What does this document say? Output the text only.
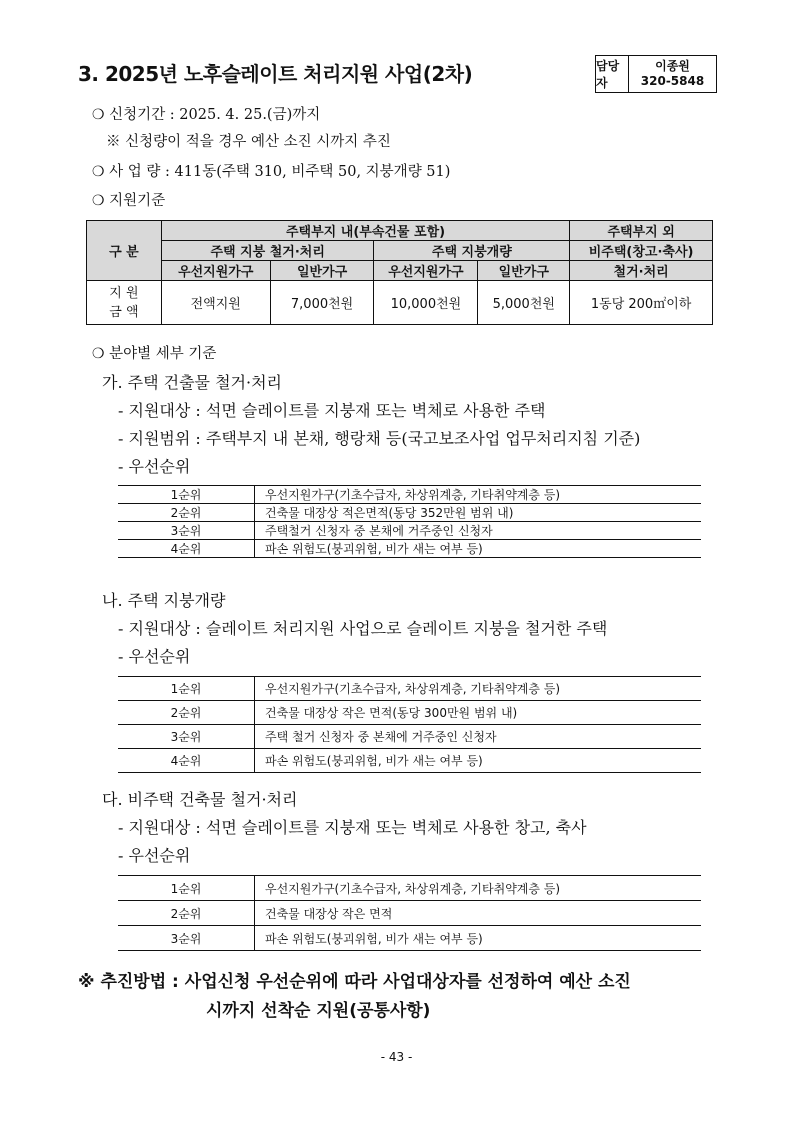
3. 2025년 노후슬레이트 처리지원 사업(2차)	담당자
이종원
320-5848
❍ 신청기간 : 2025. 4. 25.(금)까지
※ 신청량이 적을 경우 예산 소진 시까지 추진
❍ 사 업 량 : 411동(주택 310, 비주택 50, 지붕개량 51)
❍ 지원기준
구 분	주택부지 내(부속건물 포함)				주택부지 외
	주택 지붕 철거·처리		주택 지붕개량		비주택(창고·축사)
	우선지원가구	일반가구	우선지원가구	일반가구	철거·처리
지 원
금 액	전액지원	7,000천원	10,000천원	5,000천원	1동당 200㎡이하
❍ 분야별 세부 기준
가. 주택 건출물 철거·처리
- 지원대상 : 석면 슬레이트를 지붕재 또는 벽체로 사용한 주택
- 지원범위 : 주택부지 내 본채, 행랑채 등(국고보조사업 업무처리지침 기준)
- 우선순위
1순위	우선지원가구(기초수급자, 차상위계층, 기타취약계층 등)
2순위	건축물 대장상 적은면적(동당 352만원 범위 내)
3순위	주택철거 신청자 중 본채에 거주중인 신청자
4순위	파손 위험도(붕괴위험, 비가 새는 여부 등)
나. 주택 지붕개량
- 지원대상 : 슬레이트 처리지원 사업으로 슬레이트 지붕을 철거한 주택
- 우선순위
1순위	우선지원가구(기초수급자, 차상위계층, 기타취약계층 등)
2순위	건축물 대장상 작은 면적(동당 300만원 범위 내)
3순위	주택 철거 신청자 중 본채에 거주중인 신청자
4순위	파손 위험도(붕괴위험, 비가 새는 여부 등)
다. 비주택 건축물 철거·처리
- 지원대상 : 석면 슬레이트를 지붕재 또는 벽체로 사용한 창고, 축사
- 우선순위
1순위	우선지원가구(기초수급자, 차상위계층, 기타취약계층 등)
2순위	건축물 대장상 작은 면적
3순위	파손 위험도(붕괴위험, 비가 새는 여부 등)
※ 추진방법 : 사업신청 우선순위에 따라 사업대상자를 선정하여 예산 소진
시까지 선착순 지원(공통사항)
- 43 -
